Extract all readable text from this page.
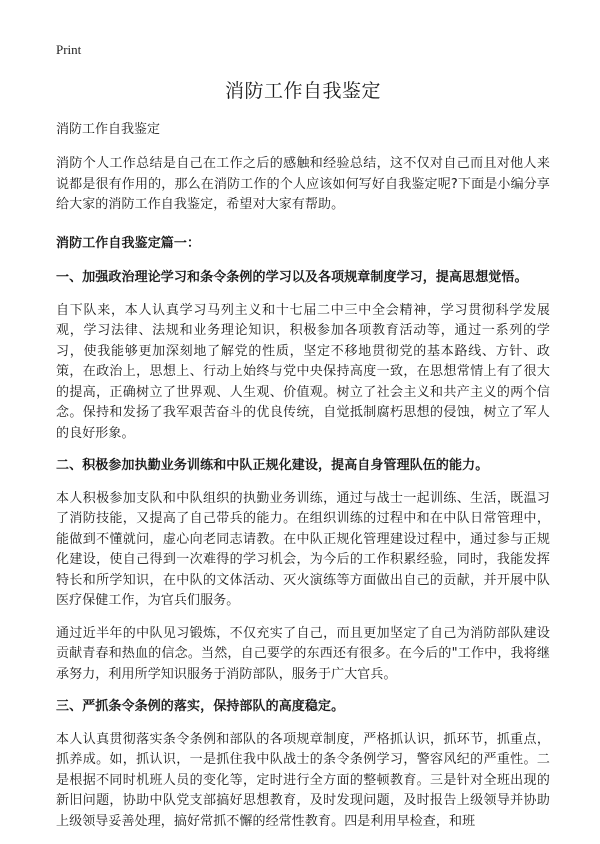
Print
消防工作自我鉴定

消防工作自我鉴定

消防个人工作总结是自己在工作之后的感触和经验总结，这不仅对自己而且对他人来说都是很有作用的，那么在消防工作的个人应该如何写好自我鉴定呢?下面是小编分享给大家的消防工作自我鉴定，希望对大家有帮助。

消防工作自我鉴定篇一：

一、加强政治理论学习和条令条例的学习以及各项规章制度学习，提高思想觉悟。

自下队来，本人认真学习马列主义和十七届二中三中全会精神，学习贯彻科学发展观，学习法律、法规和业务理论知识，积极参加各项教育活动等，通过一系列的学习，使我能够更加深刻地了解党的性质，坚定不移地贯彻党的基本路线、方针、政策，在政治上，思想上、行动上始终与党中央保持高度一致，在思想常情上有了很大的提高，正确树立了世界观、人生观、价值观。树立了社会主义和共产主义的两个信念。保持和发扬了我军艰苦奋斗的优良传统，自觉抵制腐朽思想的侵蚀，树立了军人的良好形象。

二、积极参加执勤业务训练和中队正规化建设，提高自身管理队伍的能力。

本人积极参加支队和中队组织的执勤业务训练，通过与战士一起训练、生活，既温习了消防技能，又提高了自己带兵的能力。在组织训练的过程中和在中队日常管理中，能做到不懂就问，虚心向老同志请教。在中队正规化管理建设过程中，通过参与正规化建设，使自己得到一次难得的学习机会，为今后的工作积累经验，同时，我能发挥特长和所学知识，在中队的文体活动、灭火演练等方面做出自己的贡献，并开展中队医疗保健工作，为官兵们服务。

通过近半年的中队见习锻炼，不仅充实了自己，而且更加坚定了自己为消防部队建设贡献青春和热血的信念。当然，自己要学的东西还有很多。在今后的"工作中，我将继承努力，利用所学知识服务于消防部队，服务于广大官兵。

三、严抓条令条例的落实，保持部队的高度稳定。

本人认真贯彻落实条令条例和部队的各项规章制度，严格抓认识，抓环节，抓重点，抓养成。如，抓认识，一是抓住我中队战士的条令条例学习，警容风纪的严重性。二是根据不同时机班人员的变化等，定时进行全方面的整顿教育。三是针对全班出现的新旧问题，协助中队党支部搞好思想教育，及时发现问题，及时报告上级领导并协助上级领导妥善处理，搞好常抓不懈的经常性教育。四是利用早检查，和班
